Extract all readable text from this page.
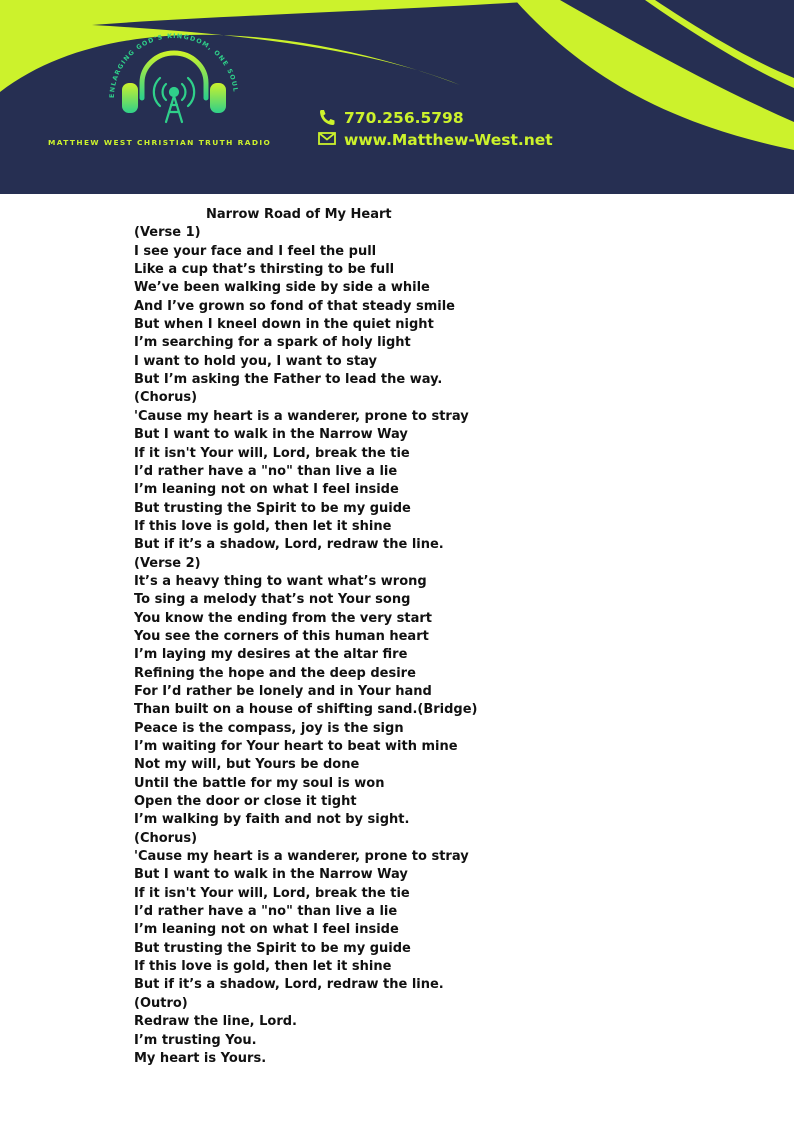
ENLARGING GOD'S KINGDOM, ONE SOUL
MATTHEW WEST CHRISTIAN TRUTH RADIO
770.256.5798
www.Matthew-West.net
Narrow Road of My Heart
(Verse 1)
I see your face and I feel the pull
Like a cup that’s thirsting to be full
We’ve been walking side by side a while
And I’ve grown so fond of that steady smile
But when I kneel down in the quiet night
I’m searching for a spark of holy light
I want to hold you, I want to stay
But I’m asking the Father to lead the way.
(Chorus)
'Cause my heart is a wanderer, prone to stray
But I want to walk in the Narrow Way
If it isn't Your will, Lord, break the tie
I’d rather have a "no" than live a lie
I’m leaning not on what I feel inside
But trusting the Spirit to be my guide
If this love is gold, then let it shine
But if it’s a shadow, Lord, redraw the line.
(Verse 2)
It’s a heavy thing to want what’s wrong
To sing a melody that’s not Your song
You know the ending from the very start
You see the corners of this human heart
I’m laying my desires at the altar fire
Refining the hope and the deep desire
For I’d rather be lonely and in Your hand
Than built on a house of shifting sand.(Bridge)
Peace is the compass, joy is the sign
I’m waiting for Your heart to beat with mine
Not my will, but Yours be done
Until the battle for my soul is won
Open the door or close it tight
I’m walking by faith and not by sight.
(Chorus)
'Cause my heart is a wanderer, prone to stray
But I want to walk in the Narrow Way
If it isn't Your will, Lord, break the tie
I’d rather have a "no" than live a lie
I’m leaning not on what I feel inside
But trusting the Spirit to be my guide
If this love is gold, then let it shine
But if it’s a shadow, Lord, redraw the line.
(Outro)
Redraw the line, Lord.
I’m trusting You.
My heart is Yours.
